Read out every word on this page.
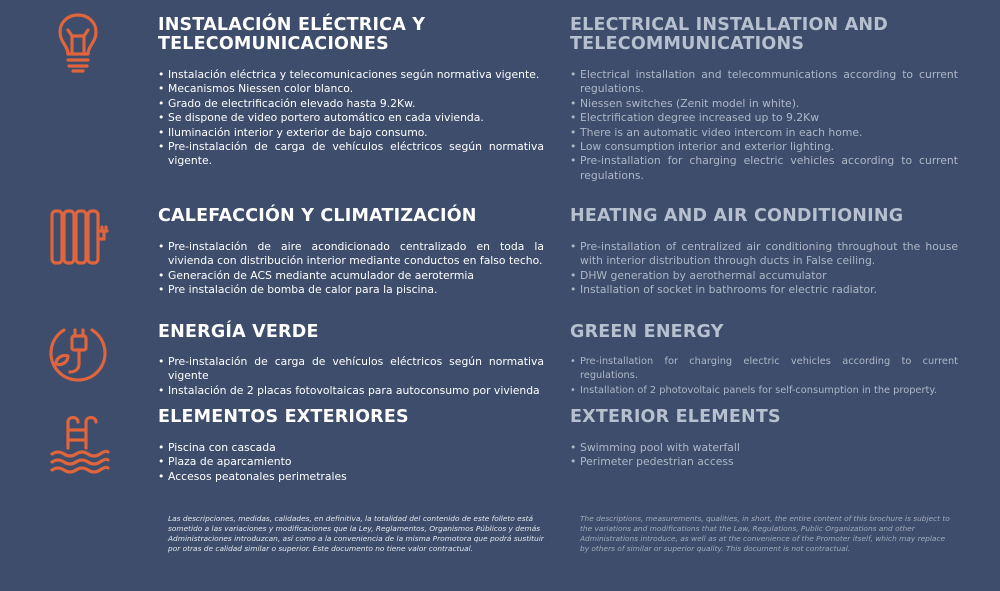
INSTALACIÓN ELÉCTRICA Y TELECOMUNICACIONES
• Instalación eléctrica y telecomunicaciones según normativa vigente.
• Mecanismos Niessen color blanco.
• Grado de electrificación elevado hasta 9.2Kw.
• Se dispone de video portero automático en cada vivienda.
• Iluminación interior y exterior de bajo consumo.
• Pre-instalación de carga de vehículos eléctricos según normativa vigente.
ELECTRICAL INSTALLATION AND TELECOMMUNICATIONS
• Electrical installation and telecommunications according to current regulations.
• Niessen switches (Zenit model in white).
• Electrification degree increased up to 9.2Kw
• There is an automatic video intercom in each home.
• Low consumption interior and exterior lighting.
• Pre-installation for charging electric vehicles according to current regulations.
CALEFACCIÓN Y CLIMATIZACIÓN
• Pre-instalación de aire acondicionado centralizado en toda la vivienda con distribución interior mediante conductos en falso techo.
• Generación de ACS mediante acumulador de aerotermia
• Pre instalación de bomba de calor para la piscina.
HEATING AND AIR CONDITIONING
• Pre-installation of centralized air conditioning throughout the house with interior distribution through ducts in False ceiling.
• DHW generation by aerothermal accumulator
• Installation of socket in bathrooms for electric radiator.
ENERGÍA VERDE
• Pre-instalación de carga de vehículos eléctricos según normativa vigente
• Instalación de 2 placas fotovoltaicas para autoconsumo por vivienda
GREEN ENERGY
• Pre-installation for charging electric vehicles according to current regulations.
• Installation of 2 photovoltaic panels for self-consumption in the property.
ELEMENTOS EXTERIORES
• Piscina con cascada
• Plaza de aparcamiento
• Accesos peatonales perimetrales
EXTERIOR ELEMENTS
• Swimming pool with waterfall
• Perimeter pedestrian access
Las descripciones, medidas, calidades, en definitiva, la totalidad del contenido de este folleto está sometido a las variaciones y modificaciones que la Ley, Reglamentos, Organismos Públicos y demás Administraciones introduzcan, así como a la conveniencia de la misma Promotora que podrá sustituir por otras de calidad similar o superior. Este documento no tiene valor contractual.
The descriptions, measurements, qualities, in short, the entire content of this brochure is subject to the variations and modifications that the Law, Regulations, Public Organizations and other Administrations introduce, as well as at the convenience of the Promoter itself, which may replace by others of similar or superior quality. This document is not contractual.
